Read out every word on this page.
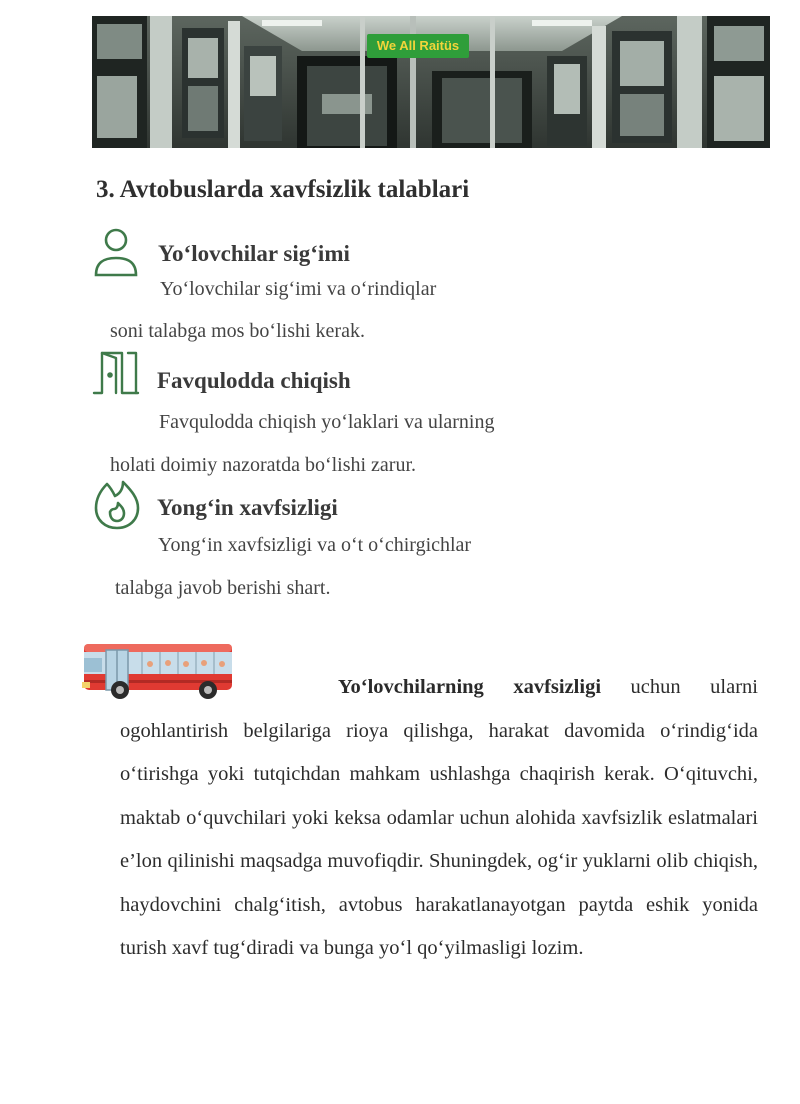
We All Raitüs
3. Avtobuslarda xavfsizlik talablari
Yo‘lovchilar sig‘imi
Yo‘lovchilar sig‘imi va o‘rindiqlar
soni talabga mos bo‘lishi kerak.
Favqulodda chiqish
Favqulodda chiqish yo‘laklari va ularning
holati doimiy nazoratda bo‘lishi zarur.
Yong‘in xavfsizligi
Yong‘in xavfsizligi va o‘t o‘chirgichlar
talabga javob berishi shart.

Yo‘lovchilarning xavfsizligi uchun ularni ogohlantirish belgilariga rioya qilishga, harakat davomida o‘rindig‘ida o‘tirishga yoki tutqichdan mahkam ushlashga chaqirish kerak. O‘qituvchi, maktab o‘quvchilari yoki keksa odamlar uchun alohida xavfsizlik eslatmalari e’lon qilinishi maqsadga muvofiqdir. Shuningdek, og‘ir yuklarni olib chiqish, haydovchini chalg‘itish, avtobus harakatlanayotgan paytda eshik yonida turish xavf tug‘diradi va bunga yo‘l qo‘yilmasligi lozim.
